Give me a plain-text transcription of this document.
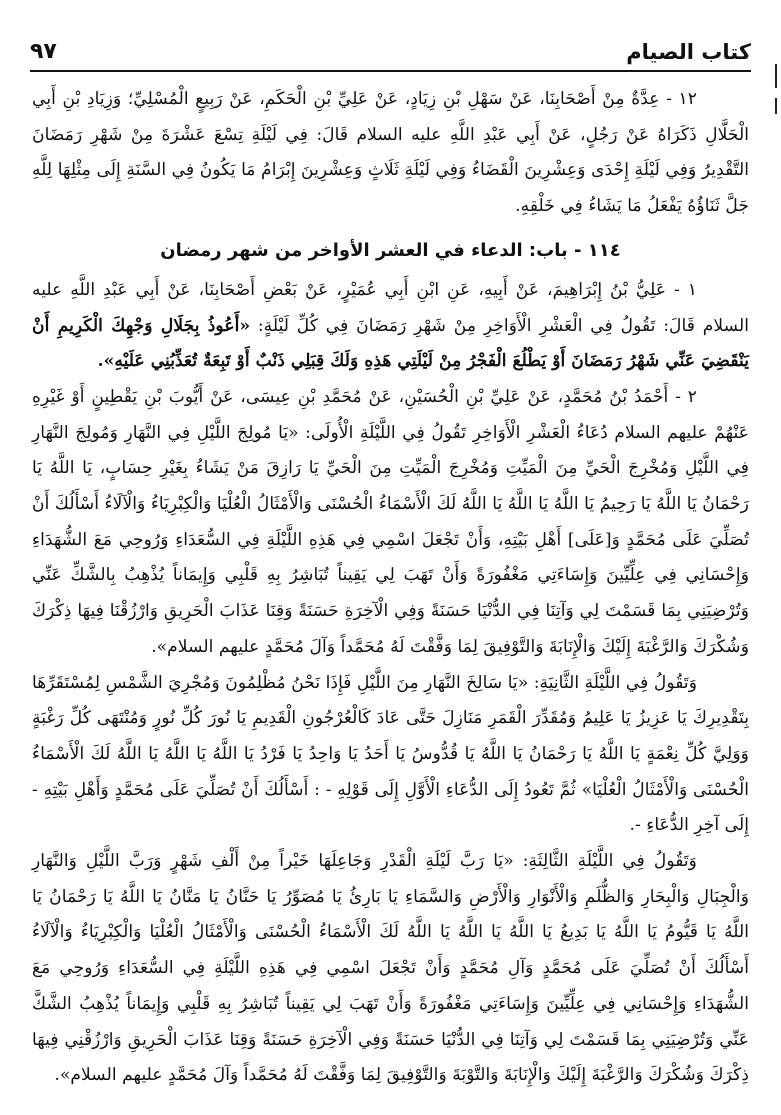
كتاب الصيام
٩٧

١٢ - عِدَّةٌ مِنْ أَصْحَابِنَا، عَنْ سَهْلِ بْنِ زِيَادٍ، عَنْ عَلِيِّ بْنِ الْحَكَمِ، عَنْ رَبِيعٍ الْمُسْلِيِّ؛ وَزِيَادِ بْنِ أَبِي الْحَلَّالِ ذَكَرَاهُ عَنْ رَجُلٍ، عَنْ أَبِي عَبْدِ اللَّهِ عليه السلام قَالَ: فِي لَيْلَةِ تِسْعَ عَشْرَةَ مِنْ شَهْرِ رَمَضَانَ التَّقْدِيرُ وَفِي لَيْلَةِ إِحْدَى وَعِشْرِينَ الْقَضَاءُ وَفِي لَيْلَةِ ثَلَاثٍ وَعِشْرِينَ إِبْرَامُ مَا يَكُونُ فِي السَّنَةِ إِلَى مِثْلِهَا لِلَّهِ جَلَّ ثَنَاؤُهُ يَفْعَلُ مَا يَشَاءُ فِي خَلْقِهِ.

١١٤ - باب: الدعاء في العشر الأواخر من شهر رمضان

١ - عَلِيُّ بْنُ إِبْرَاهِيمَ، عَنْ أَبِيهِ، عَنِ ابْنِ أَبِي عُمَيْرٍ، عَنْ بَعْضِ أَصْحَابِنَا، عَنْ أَبِي عَبْدِ اللَّهِ عليه السلام قَالَ: تَقُولُ فِي الْعَشْرِ الْأَوَاخِرِ مِنْ شَهْرِ رَمَضَانَ فِي كُلِّ لَيْلَةٍ: «أَعُوذُ بِجَلَالِ وَجْهِكَ الْكَرِيمِ أَنْ يَنْقَضِيَ عَنِّي شَهْرُ رَمَضَانَ أَوْ يَطْلُعَ الْفَجْرُ مِنْ لَيْلَتِي هَذِهِ وَلَكَ قِبَلِي ذَنْبٌ أَوْ تَبِعَةٌ تُعَذِّبُنِي عَلَيْهِ».

٢ - أَحْمَدُ بْنُ مُحَمَّدٍ، عَنْ عَلِيِّ بْنِ الْحُسَيْنِ، عَنْ مُحَمَّدِ بْنِ عِيسَى، عَنْ أَيُّوبَ بْنِ يَقْطِينٍ أَوْ غَيْرِهِ عَنْهُمْ عليهم السلام دُعَاءُ الْعَشْرِ الْأَوَاخِرِ تَقُولُ فِي اللَّيْلَةِ الْأُولَى: «يَا مُولِجَ اللَّيْلِ فِي النَّهَارِ وَمُولِجَ النَّهَارِ فِي اللَّيْلِ وَمُخْرِجَ الْحَيِّ مِنَ الْمَيِّتِ وَمُخْرِجَ الْمَيِّتِ مِنَ الْحَيِّ يَا رَازِقَ مَنْ يَشَاءُ بِغَيْرِ حِسَابٍ، يَا اللَّهُ يَا رَحْمَانُ يَا اللَّهُ يَا رَحِيمُ يَا اللَّهُ يَا اللَّهُ يَا اللَّهُ لَكَ الْأَسْمَاءُ الْحُسْنَى وَالْأَمْثَالُ الْعُلْيَا وَالْكِبْرِيَاءُ وَالْآلَاءُ أَسْأَلُكَ أَنْ تُصَلِّيَ عَلَى مُحَمَّدٍ وَ[عَلَى] أَهْلِ بَيْتِهِ، وَأَنْ تَجْعَلَ اسْمِي فِي هَذِهِ اللَّيْلَةِ فِي السُّعَدَاءِ وَرُوحِي مَعَ الشُّهَدَاءِ وَإِحْسَانِي فِي عِلِّيِّينَ وَإِسَاءَتِي مَغْفُورَةً وَأَنْ تَهَبَ لِي يَقِيناً تُبَاشِرُ بِهِ قَلْبِي وَإِيمَاناً يُذْهِبُ بِالشَّكِّ عَنِّي وَتُرْضِيَنِي بِمَا قَسَمْتَ لِي وَآتِنَا فِي الدُّنْيَا حَسَنَةً وَفِي الْآخِرَةِ حَسَنَةً وَقِنَا عَذَابَ الْحَرِيقِ وَارْزُقْنَا فِيهَا ذِكْرَكَ وَشُكْرَكَ وَالرَّغْبَةَ إِلَيْكَ وَالْإِنَابَةَ وَالتَّوْفِيقَ لِمَا وَفَّقْتَ لَهُ مُحَمَّداً وَآلَ مُحَمَّدٍ عليهم السلام».

وَتَقُولُ فِي اللَّيْلَةِ الثَّانِيَةِ: «يَا سَالِخَ النَّهَارِ مِنَ اللَّيْلِ فَإِذَا نَحْنُ مُظْلِمُونَ وَمُجْرِيَ الشَّمْسِ لِمُسْتَقَرِّهَا بِتَقْدِيرِكَ يَا عَزِيزُ يَا عَلِيمُ وَمُقَدِّرَ الْقَمَرِ مَنَازِلَ حَتَّى عَادَ كَالْعُرْجُونِ الْقَدِيمِ يَا نُورَ كُلِّ نُورٍ وَمُنْتَهَى كُلِّ رَغْبَةٍ وَوَلِيَّ كُلِّ نِعْمَةٍ يَا اللَّهُ يَا رَحْمَانُ يَا اللَّهُ يَا قُدُّوسُ يَا أَحَدُ يَا وَاحِدُ يَا فَرْدُ يَا اللَّهُ يَا اللَّهُ يَا اللَّهُ لَكَ الْأَسْمَاءُ الْحُسْنَى وَالْأَمْثَالُ الْعُلْيَا» ثُمَّ تَعُودُ إِلَى الدُّعَاءِ الْأَوَّلِ إِلَى قَوْلِهِ - : أَسْأَلُكَ أَنْ تُصَلِّيَ عَلَى مُحَمَّدٍ وَأَهْلِ بَيْتِهِ - إِلَى آخِرِ الدُّعَاءِ -.

وَتَقُولُ فِي اللَّيْلَةِ الثَّالِثَةِ: «يَا رَبَّ لَيْلَةِ الْقَدْرِ وَجَاعِلَهَا خَيْراً مِنْ أَلْفِ شَهْرٍ وَرَبَّ اللَّيْلِ وَالنَّهَارِ وَالْجِبَالِ وَالْبِحَارِ وَالظُّلَمِ وَالْأَنْوَارِ وَالْأَرْضِ وَالسَّمَاءِ يَا بَارِئُ يَا مُصَوِّرُ يَا حَنَّانُ يَا مَنَّانُ يَا اللَّهُ يَا رَحْمَانُ يَا اللَّهُ يَا قَيُّومُ يَا اللَّهُ يَا بَدِيعُ يَا اللَّهُ يَا اللَّهُ يَا اللَّهُ لَكَ الْأَسْمَاءُ الْحُسْنَى وَالْأَمْثَالُ الْعُلْيَا وَالْكِبْرِيَاءُ وَالْآلَاءُ أَسْأَلُكَ أَنْ تُصَلِّيَ عَلَى مُحَمَّدٍ وَآلِ مُحَمَّدٍ وَأَنْ تَجْعَلَ اسْمِي فِي هَذِهِ اللَّيْلَةِ فِي السُّعَدَاءِ وَرُوحِي مَعَ الشُّهَدَاءِ وَإِحْسَانِي فِي عِلِّيِّينَ وَإِسَاءَتِي مَغْفُورَةً وَأَنْ تَهَبَ لِي يَقِيناً تُبَاشِرُ بِهِ قَلْبِي وَإِيمَاناً يُذْهِبُ الشَّكَّ عَنِّي وَتُرْضِيَنِي بِمَا قَسَمْتَ لِي وَآتِنَا فِي الدُّنْيَا حَسَنَةً وَفِي الْآخِرَةِ حَسَنَةً وَقِنَا عَذَابَ الْحَرِيقِ وَارْزُقْنِي فِيهَا ذِكْرَكَ وَشُكْرَكَ وَالرَّغْبَةَ إِلَيْكَ وَالْإِنَابَةَ وَالتَّوْبَةَ وَالتَّوْفِيقَ لِمَا وَفَّقْتَ لَهُ مُحَمَّداً وَآلَ مُحَمَّدٍ عليهم السلام».
